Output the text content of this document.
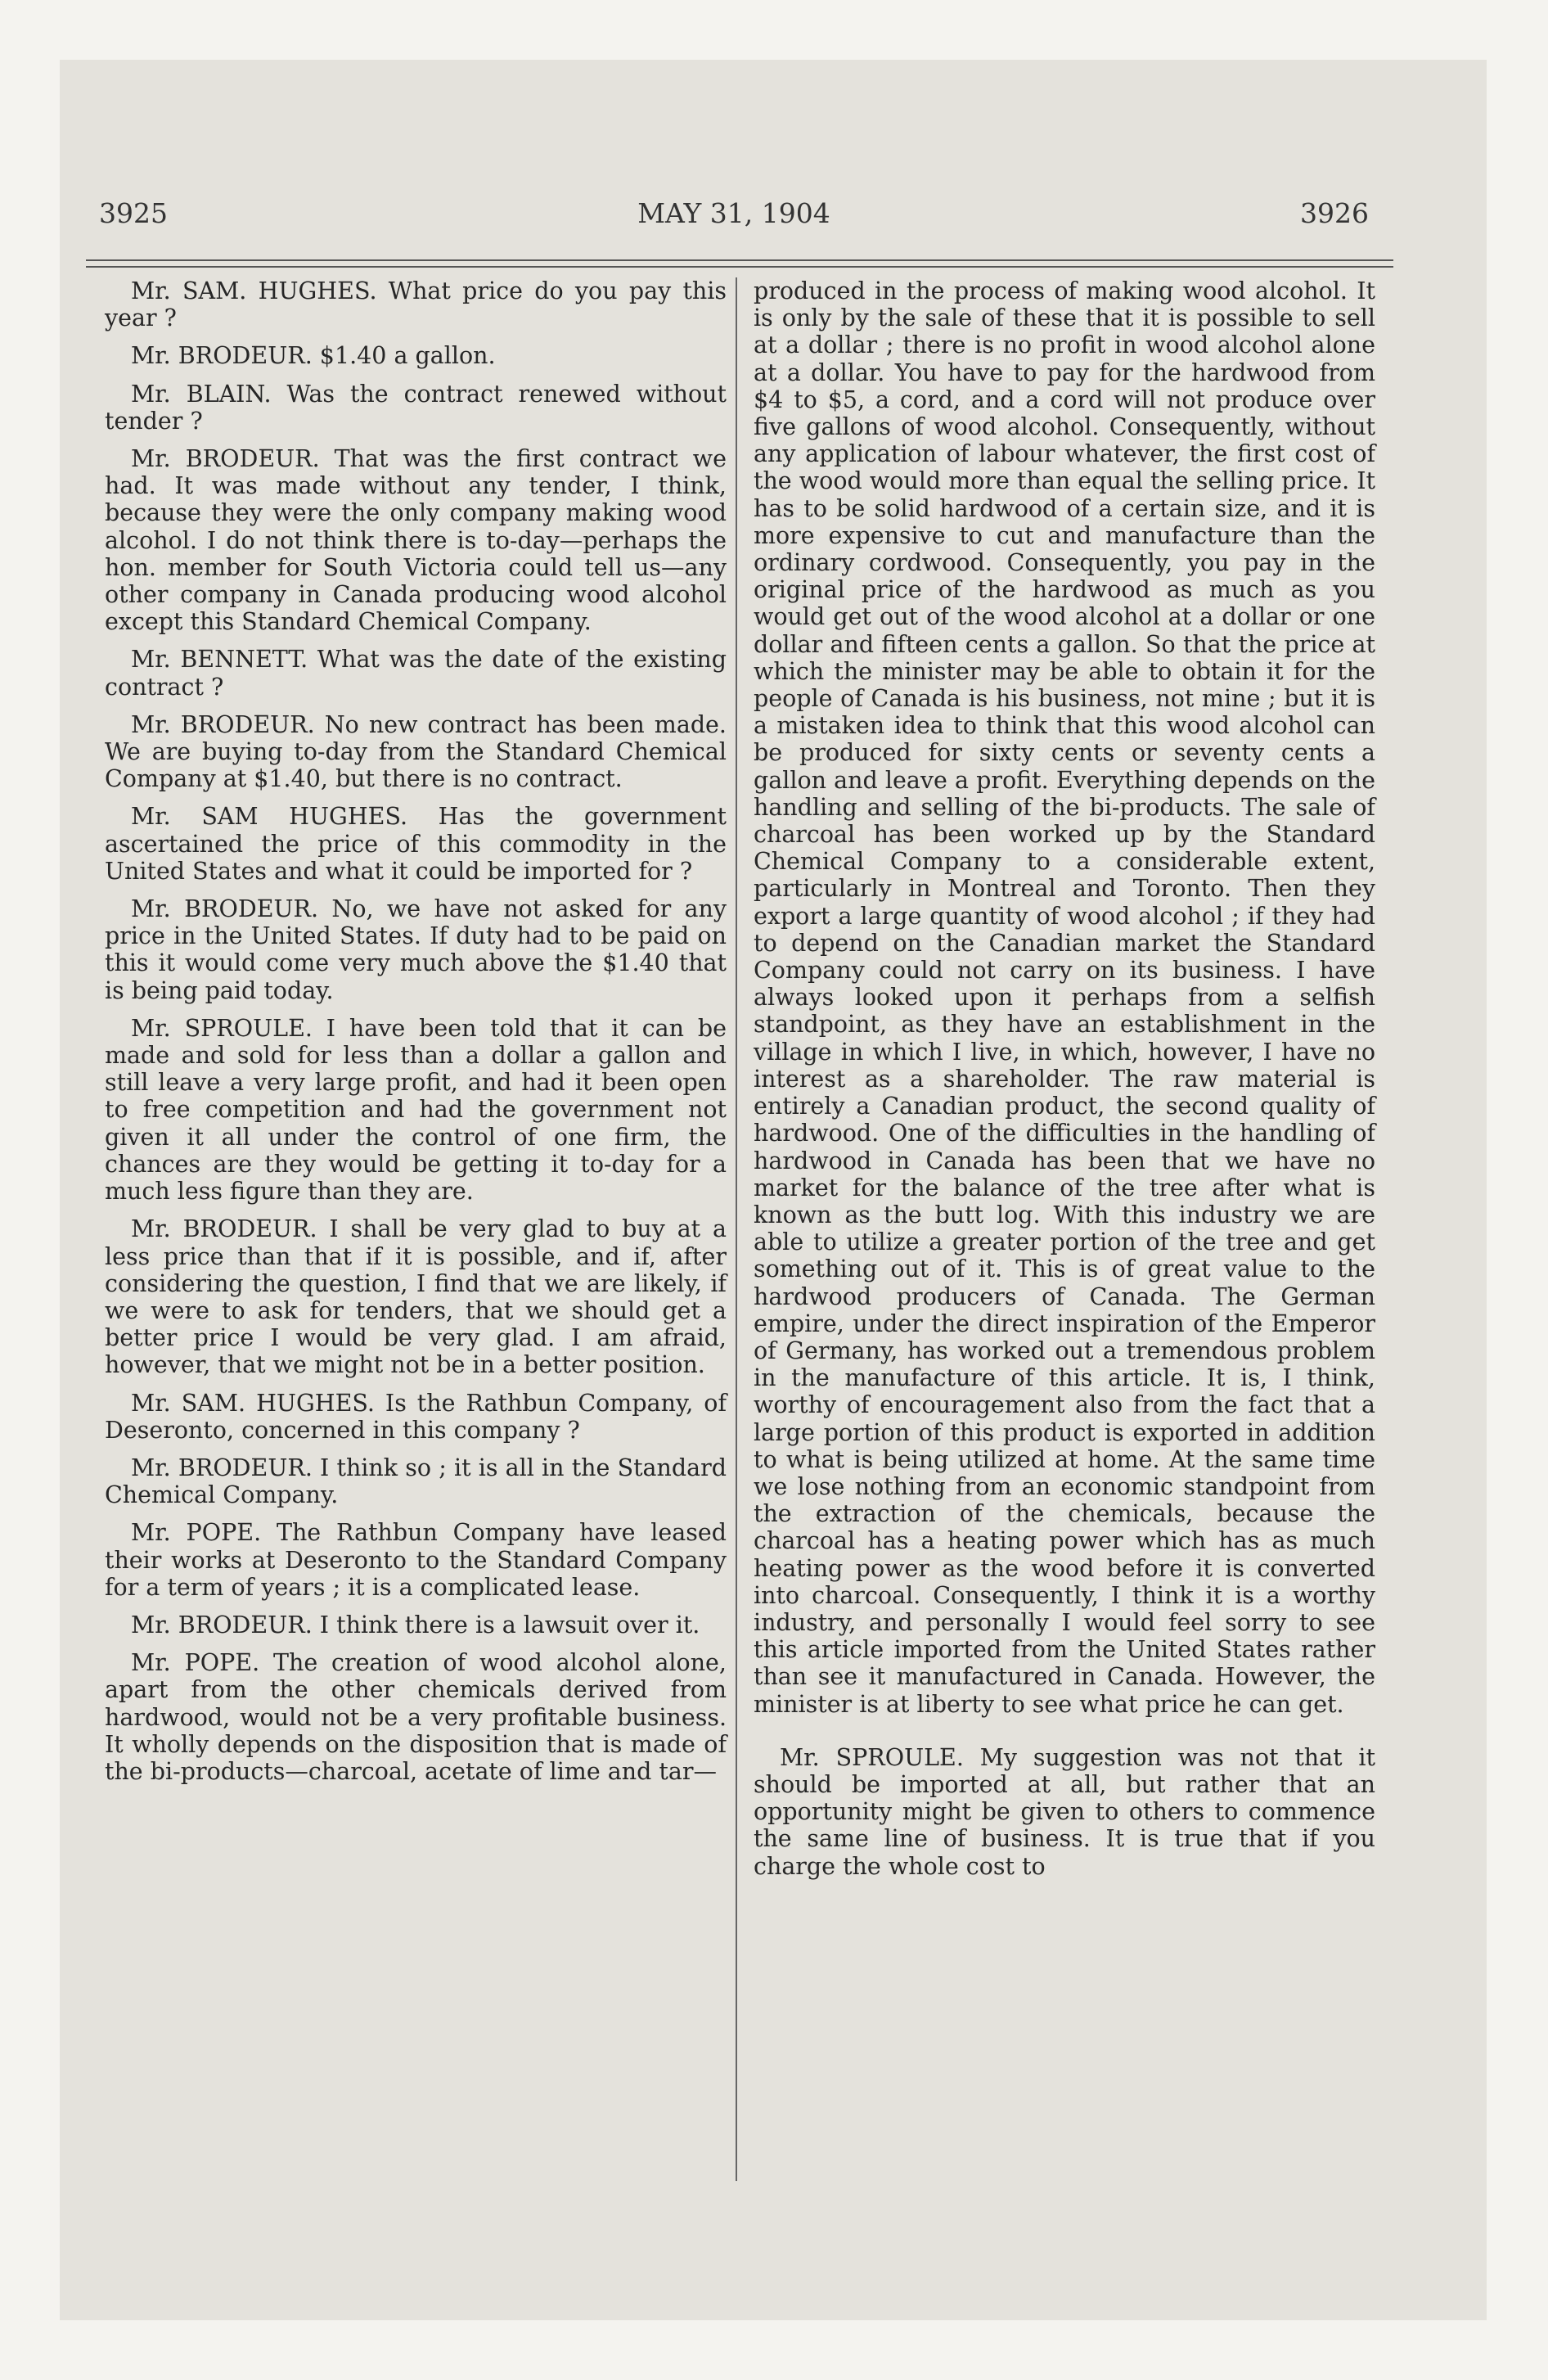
3925	MAY 31, 1904	3926

Mr. SAM. HUGHES. What price do you pay this year ?

Mr. BRODEUR. $1.40 a gallon.

Mr. BLAIN. Was the contract renewed without tender ?

Mr. BRODEUR. That was the first contract we had. It was made without any tender, I think, because they were the only company making wood alcohol. I do not think there is to-day—perhaps the hon. member for South Victoria could tell us—any other company in Canada producing wood alcohol except this Standard Chemical Company.

Mr. BENNETT. What was the date of the existing contract ?

Mr. BRODEUR. No new contract has been made. We are buying to-day from the Standard Chemical Company at $1.40, but there is no contract.

Mr. SAM HUGHES. Has the government ascertained the price of this commodity in the United States and what it could be imported for ?

Mr. BRODEUR. No, we have not asked for any price in the United States. If duty had to be paid on this it would come very much above the $1.40 that is being paid today.

Mr. SPROULE. I have been told that it can be made and sold for less than a dollar a gallon and still leave a very large profit, and had it been open to free competition and had the government not given it all under the control of one firm, the chances are they would be getting it to-day for a much less figure than they are.

Mr. BRODEUR. I shall be very glad to buy at a less price than that if it is possible, and if, after considering the question, I find that we are likely, if we were to ask for tenders, that we should get a better price I would be very glad. I am afraid, however, that we might not be in a better position.

Mr. SAM. HUGHES. Is the Rathbun Company, of Deseronto, concerned in this company ?

Mr. BRODEUR. I think so ; it is all in the Standard Chemical Company.

Mr. POPE. The Rathbun Company have leased their works at Deseronto to the Standard Company for a term of years ; it is a complicated lease.

Mr. BRODEUR. I think there is a lawsuit over it.

Mr. POPE. The creation of wood alcohol alone, apart from the other chemicals derived from hardwood, would not be a very profitable business. It wholly depends on the disposition that is made of the bi-products—charcoal, acetate of lime and tar—

produced in the process of making wood alcohol. It is only by the sale of these that it is possible to sell at a dollar ; there is no profit in wood alcohol alone at a dollar. You have to pay for the hardwood from $4 to $5, a cord, and a cord will not produce over five gallons of wood alcohol. Consequently, without any application of labour whatever, the first cost of the wood would more than equal the selling price. It has to be solid hardwood of a certain size, and it is more expensive to cut and manufacture than the ordinary cordwood. Consequently, you pay in the original price of the hardwood as much as you would get out of the wood alcohol at a dollar or one dollar and fifteen cents a gallon. So that the price at which the minister may be able to obtain it for the people of Canada is his business, not mine ; but it is a mistaken idea to think that this wood alcohol can be produced for sixty cents or seventy cents a gallon and leave a profit. Everything depends on the handling and selling of the bi-products. The sale of charcoal has been worked up by the Standard Chemical Company to a considerable extent, particularly in Montreal and Toronto. Then they export a large quantity of wood alcohol ; if they had to depend on the Canadian market the Standard Company could not carry on its business. I have always looked upon it perhaps from a selfish standpoint, as they have an establishment in the village in which I live, in which, however, I have no interest as a shareholder. The raw material is entirely a Canadian product, the second quality of hardwood. One of the difficulties in the handling of hardwood in Canada has been that we have no market for the balance of the tree after what is known as the butt log. With this industry we are able to utilize a greater portion of the tree and get something out of it. This is of great value to the hardwood producers of Canada. The German empire, under the direct inspiration of the Emperor of Germany, has worked out a tremendous problem in the manufacture of this article. It is, I think, worthy of encouragement also from the fact that a large portion of this product is exported in addition to what is being utilized at home. At the same time we lose nothing from an economic standpoint from the extraction of the chemicals, because the charcoal has a heating power which has as much heating power as the wood before it is converted into charcoal. Consequently, I think it is a worthy industry, and personally I would feel sorry to see this article imported from the United States rather than see it manufactured in Canada. However, the minister is at liberty to see what price he can get.

Mr. SPROULE. My suggestion was not that it should be imported at all, but rather that an opportunity might be given to others to commence the same line of business. It is true that if you charge the whole cost to
